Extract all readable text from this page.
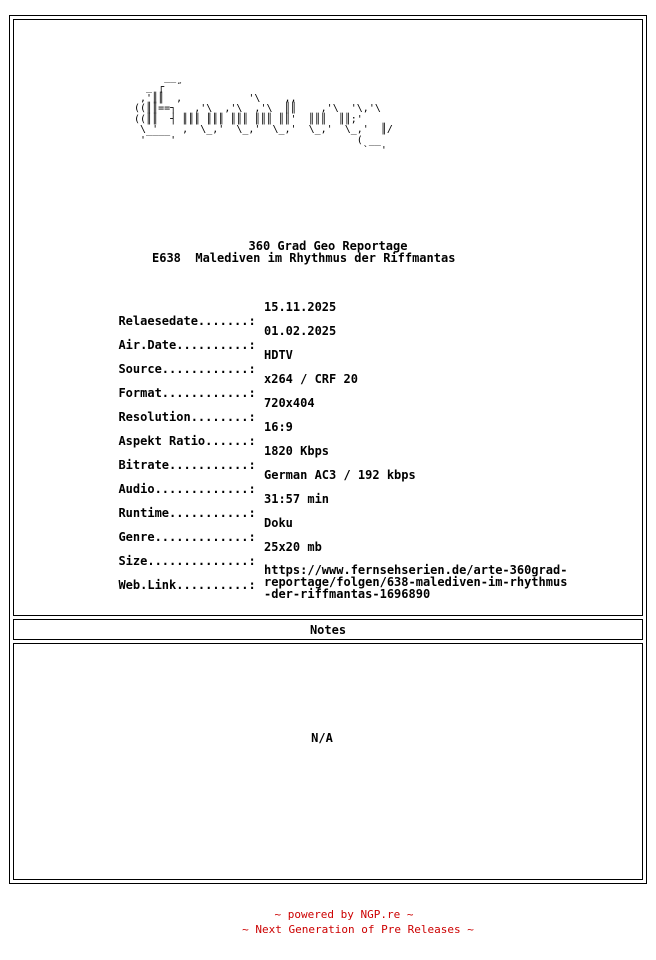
_ ┌‾‾˝
,'║║  ,           '\    ,,
((║║==┐   ,'\  ,'\  ,'\  ║║    ,'\  '\,'\
((║║  ┤ ║║║ ║║║ ║║║ ║║║ ║║'  ║║║  ║║;'
\ '    ,  \_,'  \_,'  \_,'  \_,'  \_,'  ║/
'‾‾‾‾'                              (
`‾‾'
360 Grad Geo Reportage
E638  Malediven im Rhythmus der Riffmantas

Relaesedate.......:
15.11.2025

Air.Date..........:
01.02.2025

Source............:
HDTV

Format............:
x264 / CRF 20

Resolution........:
720x404

Aspekt Ratio......:
16:9

Bitrate...........:
1820 Kbps

Audio.............:
German AC3 / 192 kbps

Runtime...........:
31:57 min

Genre.............:
Doku

Size..............:
25x20 mb

Web.Link..........:

https://www.fernsehserien.de/arte-360grad-
reportage/folgen/638-malediven-im-rhythmus
-der-riffmantas-1696890
Notes
N/A
~ powered by NGP.re ~
~ Next Generation of Pre Releases ~
